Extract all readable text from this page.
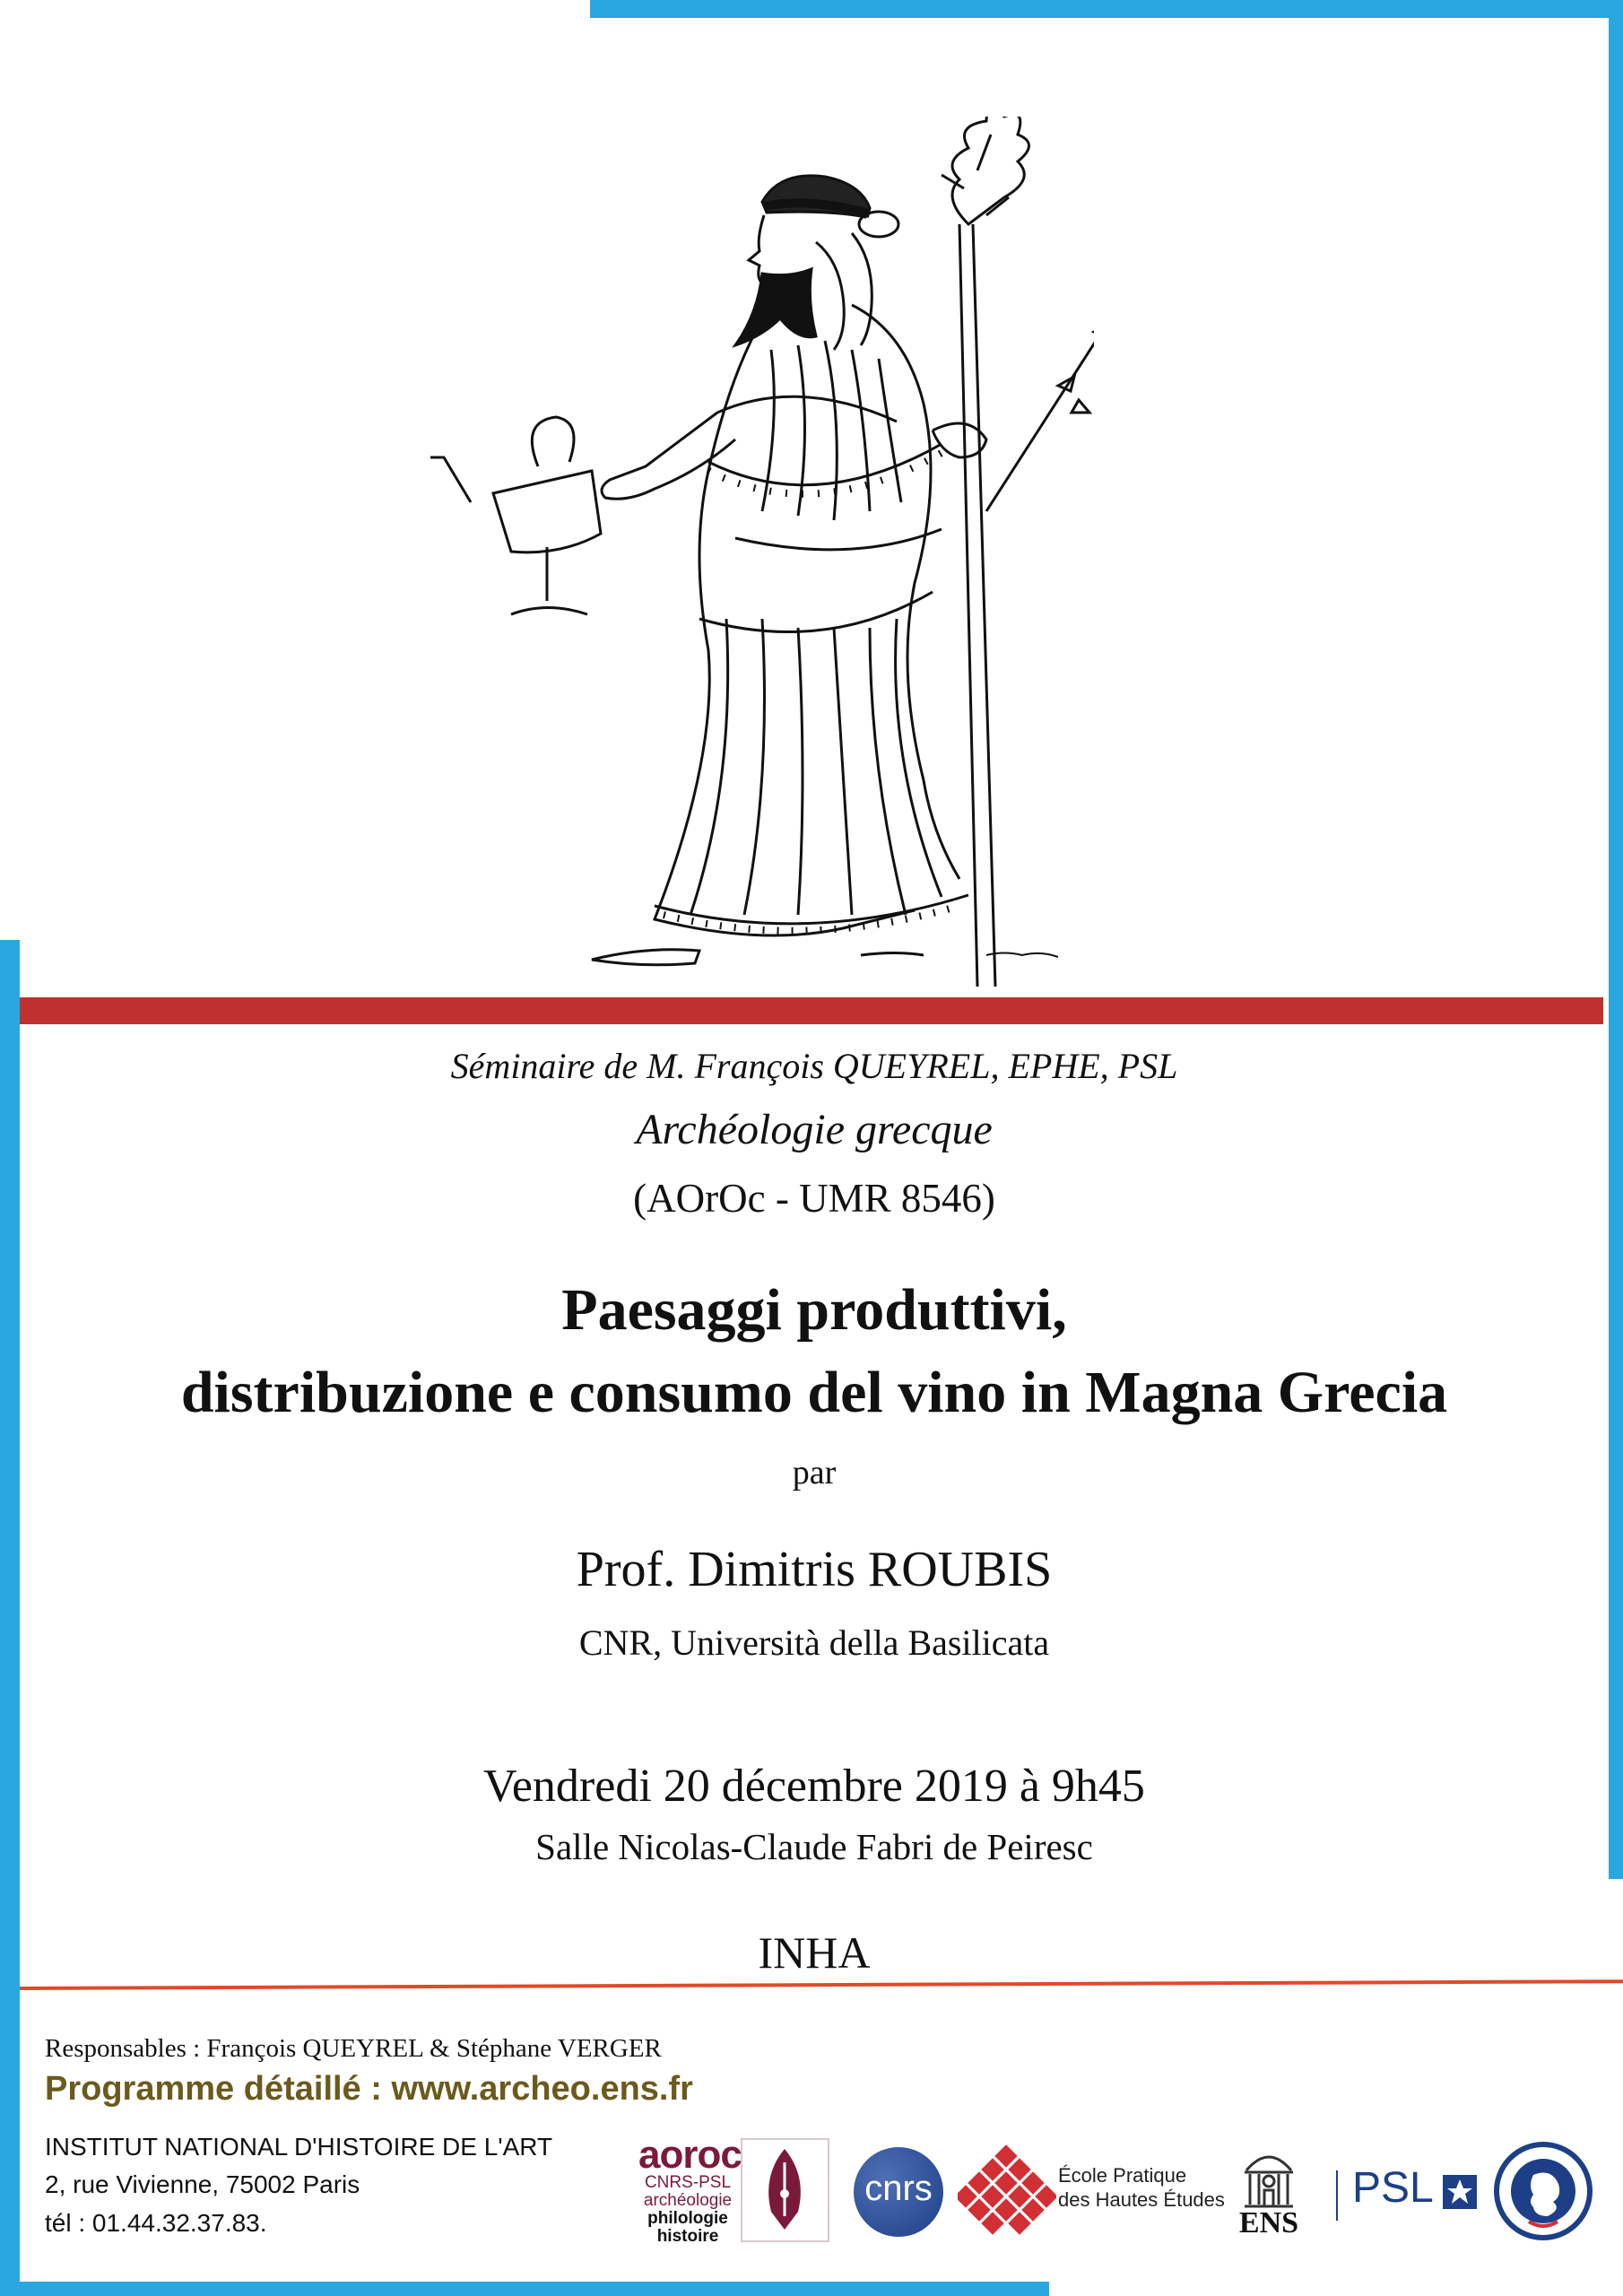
Séminaire de M. François QUEYREL, EPHE, PSL
Archéologie grecque
(AOrOc - UMR 8546)
Paesaggi produttivi,
distribuzione e consumo del vino in Magna Grecia
par
Prof. Dimitris ROUBIS
CNR, Università della Basilicata
Vendredi 20 décembre 2019 à 9h45
Salle Nicolas-Claude Fabri de Peiresc
INHA
Responsables : François QUEYREL & Stéphane VERGER
Programme détaillé : www.archeo.ens.fr
INSTITUT NATIONAL D'HISTOIRE DE L'ART
2, rue Vivienne, 75002 Paris
tél : 01.44.32.37.83.
aoroc
CNRS-PSL
archéologie
philologie
histoire
cnrs	École Pratique
des Hautes Études
ENS
PSL
